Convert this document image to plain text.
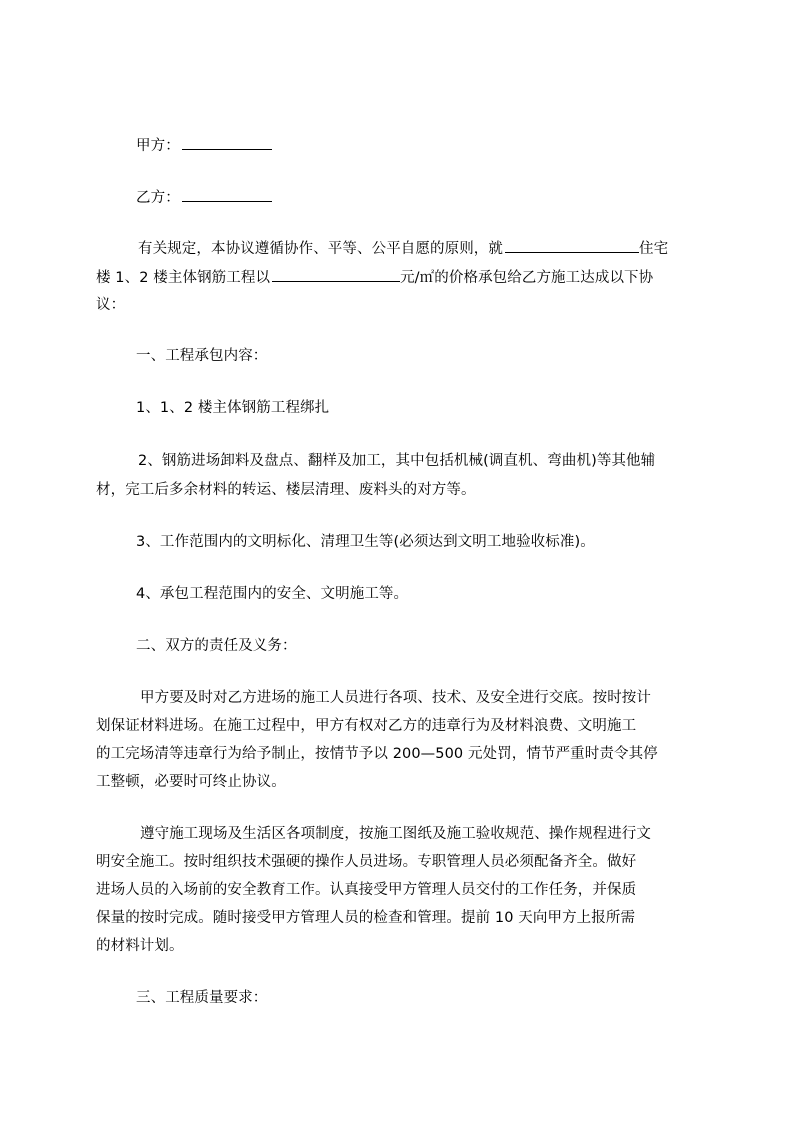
甲方：
乙方：
有关规定，本协议遵循协作、平等、公平自愿的原则，就	住宅
楼 1、2 楼主体钢筋工程以	元/㎡的价格承包给乙方施工达成以下协
议：
一、工程承包内容：
1、1、2 楼主体钢筋工程绑扎
2、钢筋进场卸料及盘点、翻样及加工，其中包括机械(调直机、弯曲机)等其他辅
材，完工后多余材料的转运、楼层清理、废料头的对方等。
3、工作范围内的文明标化、清理卫生等(必须达到文明工地验收标准)。
4、承包工程范围内的安全、文明施工等。
二、双方的责任及义务：
甲方要及时对乙方进场的施工人员进行各项、技术、及安全进行交底。按时按计
划保证材料进场。在施工过程中，甲方有权对乙方的违章行为及材料浪费、文明施工
的工完场清等违章行为给予制止，按情节予以 200—500 元处罚，情节严重时责令其停
工整顿，必要时可终止协议。
遵守施工现场及生活区各项制度，按施工图纸及施工验收规范、操作规程进行文
明安全施工。按时组织技术强硬的操作人员进场。专职管理人员必须配备齐全。做好
进场人员的入场前的安全教育工作。认真接受甲方管理人员交付的工作任务，并保质
保量的按时完成。随时接受甲方管理人员的检查和管理。提前 10 天向甲方上报所需
的材料计划。
三、工程质量要求：
